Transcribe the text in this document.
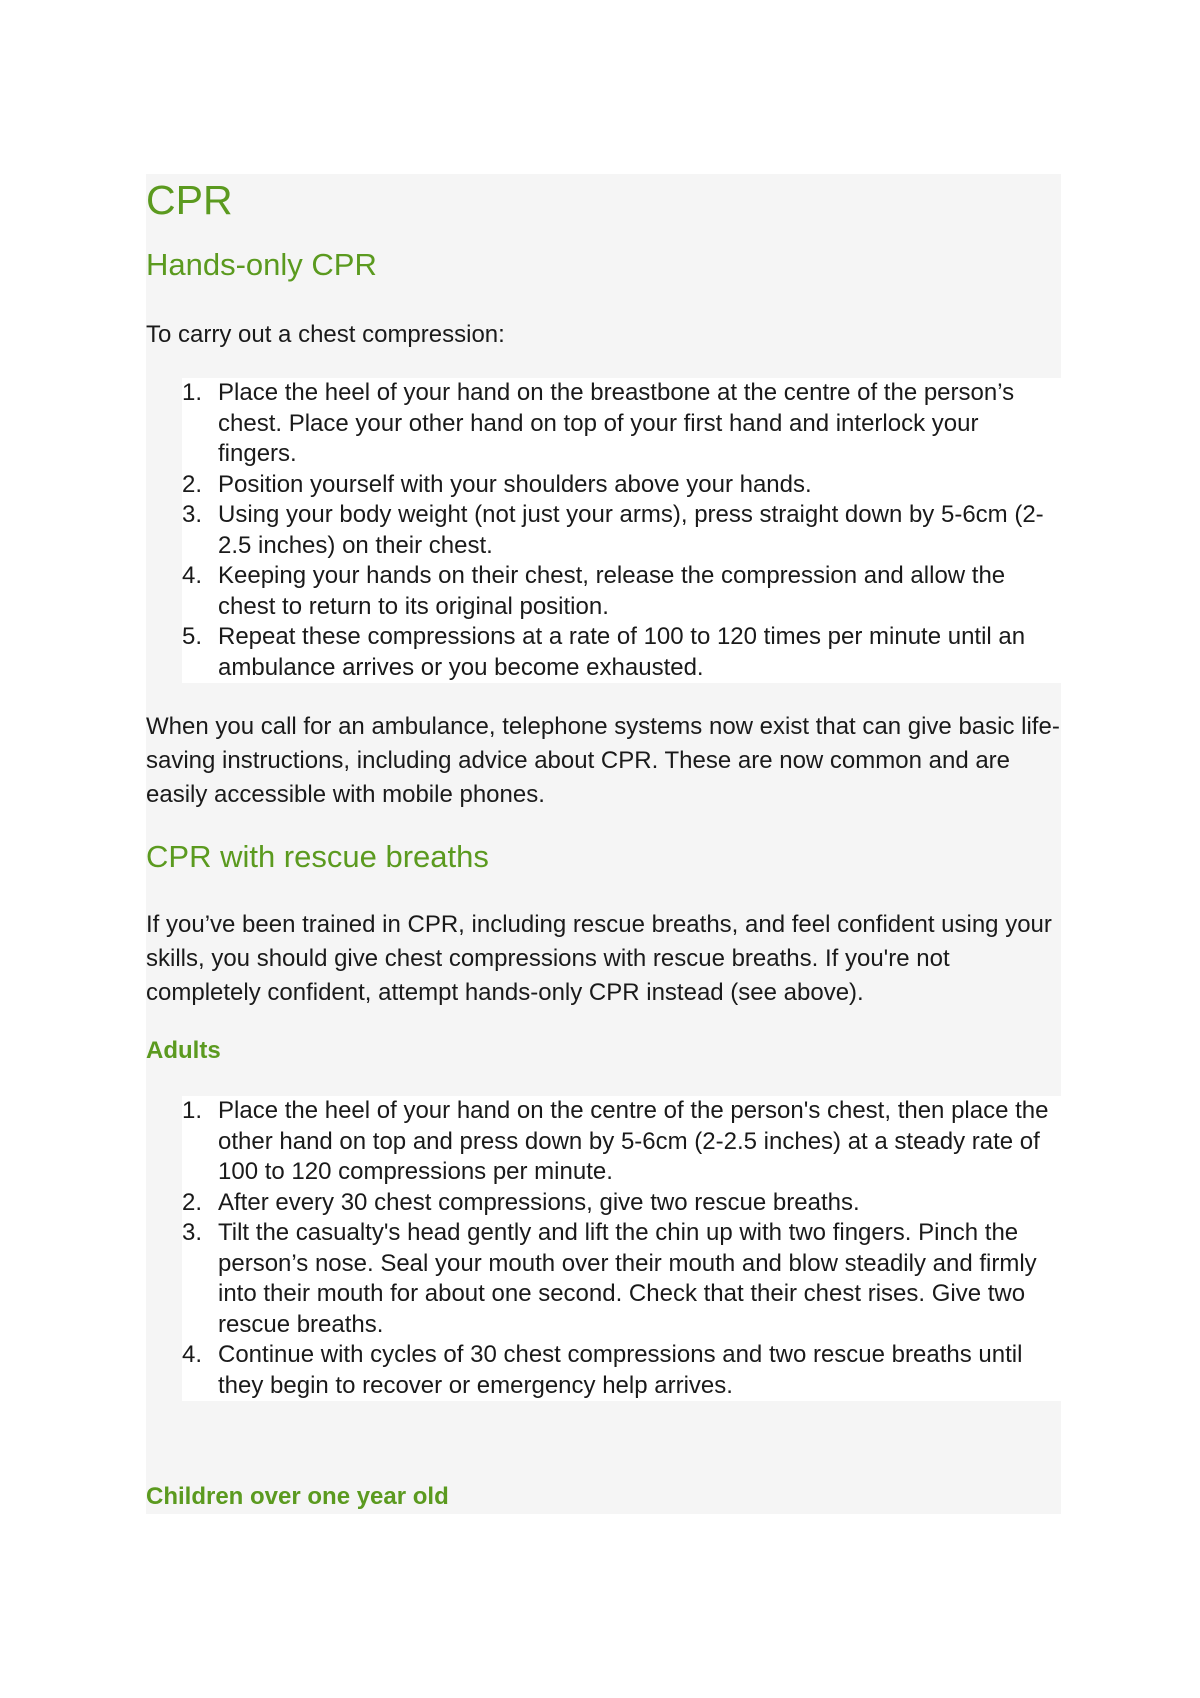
CPR
Hands-only CPR

To carry out a chest compression:

1. Place the heel of your hand on the breastbone at the centre of the person’s chest. Place your other hand on top of your first hand and interlock your fingers.
2. Position yourself with your shoulders above your hands.
3. Using your body weight (not just your arms), press straight down by 5-6cm (2-2.5 inches) on their chest.
4. Keeping your hands on their chest, release the compression and allow the chest to return to its original position.
5. Repeat these compressions at a rate of 100 to 120 times per minute until an ambulance arrives or you become exhausted.

When you call for an ambulance, telephone systems now exist that can give basic life-saving instructions, including advice about CPR. These are now common and are easily accessible with mobile phones.

CPR with rescue breaths

If you’ve been trained in CPR, including rescue breaths, and feel confident using your skills, you should give chest compressions with rescue breaths. If you're not completely confident, attempt hands-only CPR instead (see above).

Adults
1. Place the heel of your hand on the centre of the person's chest, then place the other hand on top and press down by 5-6cm (2-2.5 inches) at a steady rate of 100 to 120 compressions per minute.
2. After every 30 chest compressions, give two rescue breaths.
3. Tilt the casualty's head gently and lift the chin up with two fingers. Pinch the person’s nose. Seal your mouth over their mouth and blow steadily and firmly into their mouth for about one second. Check that their chest rises. Give two rescue breaths.
4. Continue with cycles of 30 chest compressions and two rescue breaths until they begin to recover or emergency help arrives.
Children over one year old
